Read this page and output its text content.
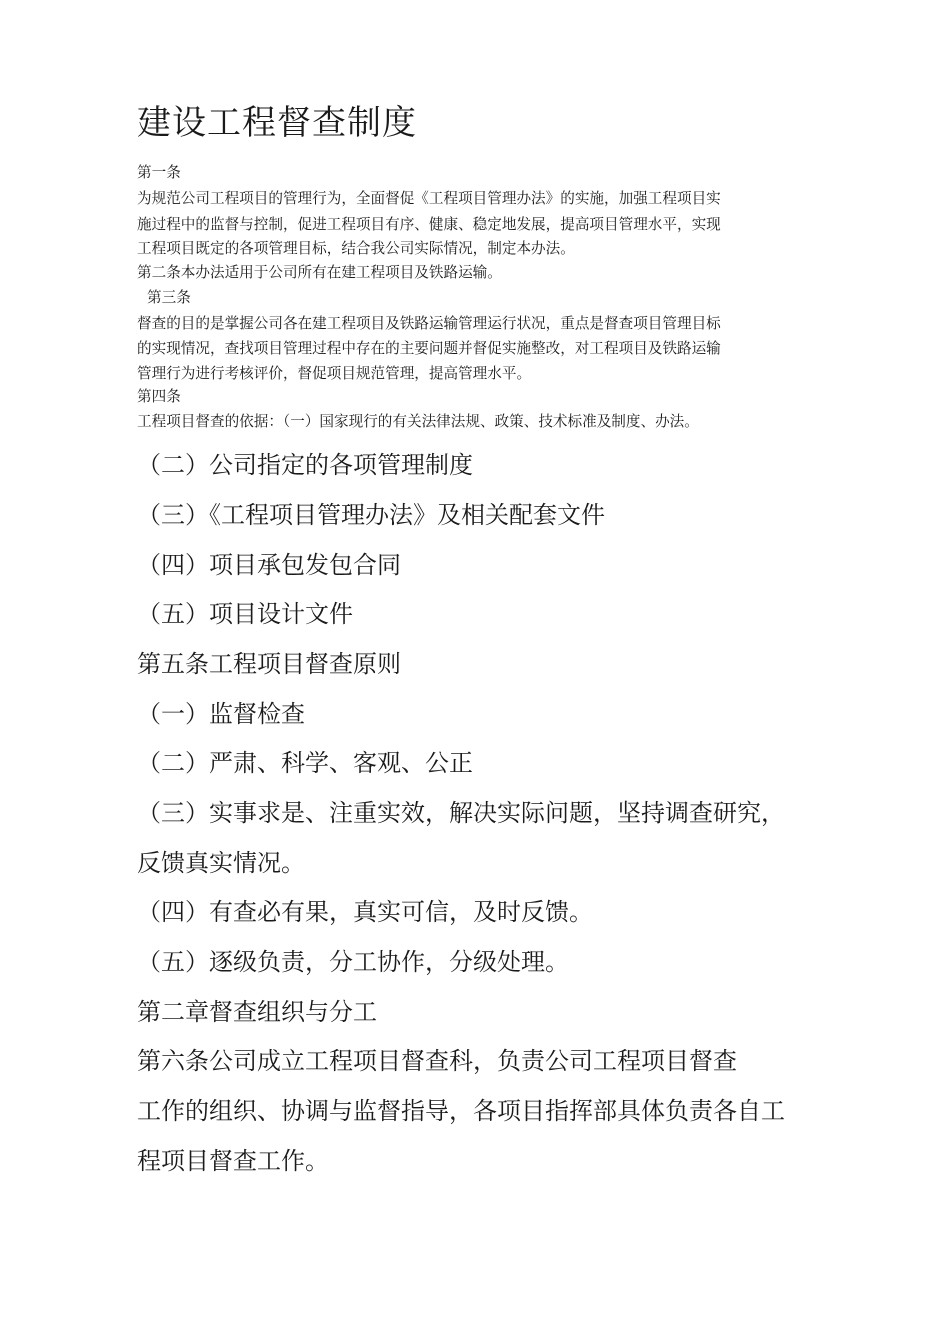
建设工程督查制度
第一条
为规范公司工程项目的管理行为，全面督促《工程项目管理办法》的实施，加强工程项目实
施过程中的监督与控制，促进工程项目有序、健康、稳定地发展，提高项目管理水平，实现
工程项目既定的各项管理目标，结合我公司实际情况，制定本办法。
第二条本办法适用于公司所有在建工程项目及铁路运输。
第三条
督查的目的是掌握公司各在建工程项目及铁路运输管理运行状况，重点是督查项目管理目标
的实现情况，查找项目管理过程中存在的主要问题并督促实施整改，对工程项目及铁路运输
管理行为进行考核评价，督促项目规范管理，提高管理水平。
第四条
工程项目督查的依据：（一）国家现行的有关法律法规、政策、技术标准及制度、办法。
（二）公司指定的各项管理制度
（三）《工程项目管理办法》及相关配套文件
（四）项目承包发包合同
（五）项目设计文件
第五条工程项目督查原则
（一）监督检查
（二）严肃、科学、客观、公正
（三）实事求是、注重实效，解决实际问题，坚持调查研究，
反馈真实情况。
（四）有查必有果，真实可信，及时反馈。
（五）逐级负责，分工协作，分级处理。
第二章督查组织与分工
第六条公司成立工程项目督查科，负责公司工程项目督查
工作的组织、协调与监督指导，各项目指挥部具体负责各自工
程项目督查工作。
